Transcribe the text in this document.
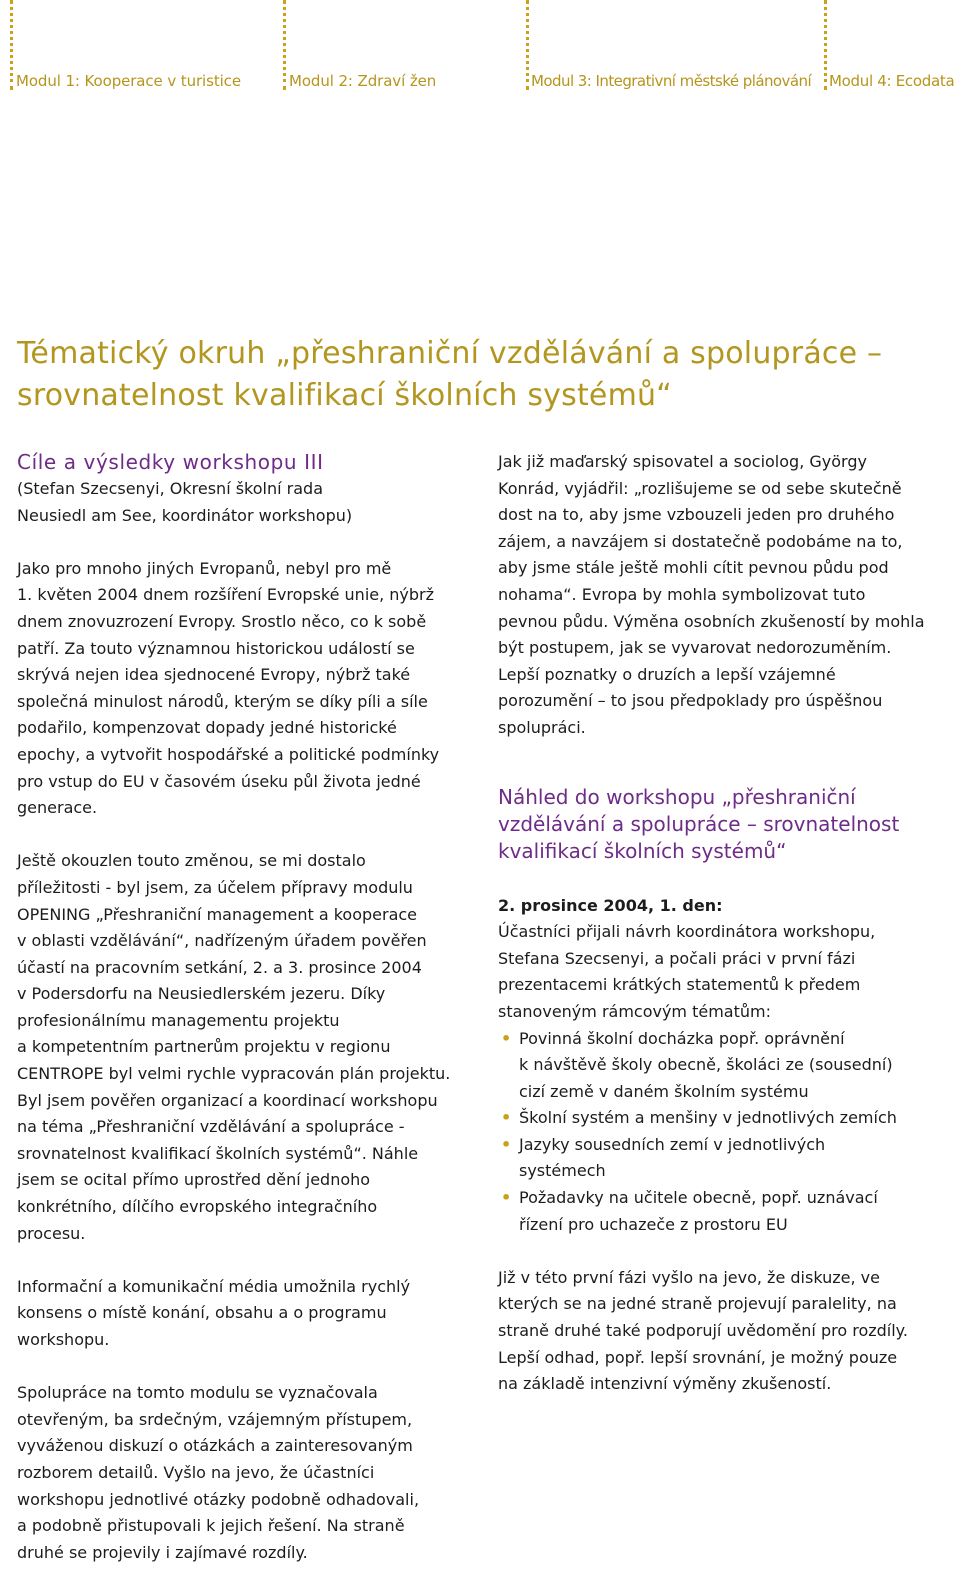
Modul 1: Kooperace v turistice	Modul 2: Zdraví žen	Modul 3: Integrativní městské plánování Modul 4: Ecodata
Tématický okruh „přeshraniční vzdělávání a spolupráce – srovnatelnost kvalifikací školních systémů“
Cíle a výsledky workshopu III

(Stefan Szecsenyi, Okresní školní rada
Neusiedl am See, koordinátor workshopu)

Jako pro mnoho jiných Evropanů, nebyl pro mě
1. květen 2004 dnem rozšíření Evropské unie, nýbrž
dnem znovuzrození Evropy. Srostlo něco, co k sobě
patří. Za touto významnou historickou událostí se
skrývá nejen idea sjednocené Evropy, nýbrž také
společná minulost národů, kterým se díky píli a síle
podařilo, kompenzovat dopady jedné historické
epochy, a vytvořit hospodářské a politické podmínky
pro vstup do EU v časovém úseku půl života jedné
generace.

Ještě okouzlen touto změnou, se mi dostalo
příležitosti - byl jsem, za účelem přípravy modulu
OPENING „Přeshraniční management a kooperace
v oblasti vzdělávání“, nadřízeným úřadem pověřen
účastí na pracovním setkání, 2. a 3. prosince 2004
v Podersdorfu na Neusiedlerském jezeru. Díky
profesionálnímu managementu projektu
a kompetentním partnerům projektu v regionu
CENTROPE byl velmi rychle vypracován plán projektu.
Byl jsem pověřen organizací a koordinací workshopu
na téma „Přeshraniční vzdělávání a spolupráce -
srovnatelnost kvalifikací školních systémů“. Náhle
jsem se ocital přímo uprostřed dění jednoho
konkrétního, dílčího evropského integračního
procesu.

Informační a komunikační média umožnila rychlý
konsens o místě konání, obsahu a o programu
workshopu.

Spolupráce na tomto modulu se vyznačovala
otevřeným, ba srdečným, vzájemným přístupem,
vyváženou diskuzí o otázkách a zainteresovaným
rozborem detailů. Vyšlo na jevo, že účastníci
workshopu jednotlivé otázky podobně odhadovali,
a podobně přistupovali k jejich řešení. Na straně
druhé se projevily i zajímavé rozdíly.

Jak již maďarský spisovatel a sociolog, György
Konrád, vyjádřil: „rozlišujeme se od sebe skutečně
dost na to, aby jsme vzbouzeli jeden pro druhého
zájem, a navzájem si dostatečně podobáme na to,
aby jsme stále ještě mohli cítit pevnou půdu pod
nohama“. Evropa by mohla symbolizovat tuto
pevnou půdu. Výměna osobních zkušeností by mohla
být postupem, jak se vyvarovat nedorozuměním.
Lepší poznatky o druzích a lepší vzájemné
porozumění – to jsou předpoklady pro úspěšnou
spolupráci.

Náhled do workshopu „přeshraniční
vzdělávání a spolupráce – srovnatelnost
kvalifikací školních systémů“

2. prosince 2004, 1. den:

Účastníci přijali návrh koordinátora workshopu,
Stefana Szecsenyi, a počali práci v první fázi
prezentacemi krátkých statementů k předem
stanoveným rámcovým tématům:

• Povinná školní docházka popř. oprávnění
k návštěvě školy obecně, školáci ze (sousední)
cizí země v daném školním systému
• Školní systém a menšiny v jednotlivých zemích
• Jazyky sousedních zemí v jednotlivých
systémech
• Požadavky na učitele obecně, popř. uznávací
řízení pro uchazeče z prostoru EU

Již v této první fázi vyšlo na jevo, že diskuze, ve
kterých se na jedné straně projevují paralelity, na
straně druhé také podporují uvědomění pro rozdíly.
Lepší odhad, popř. lepší srovnání, je možný pouze
na základě intenzivní výměny zkušeností.
